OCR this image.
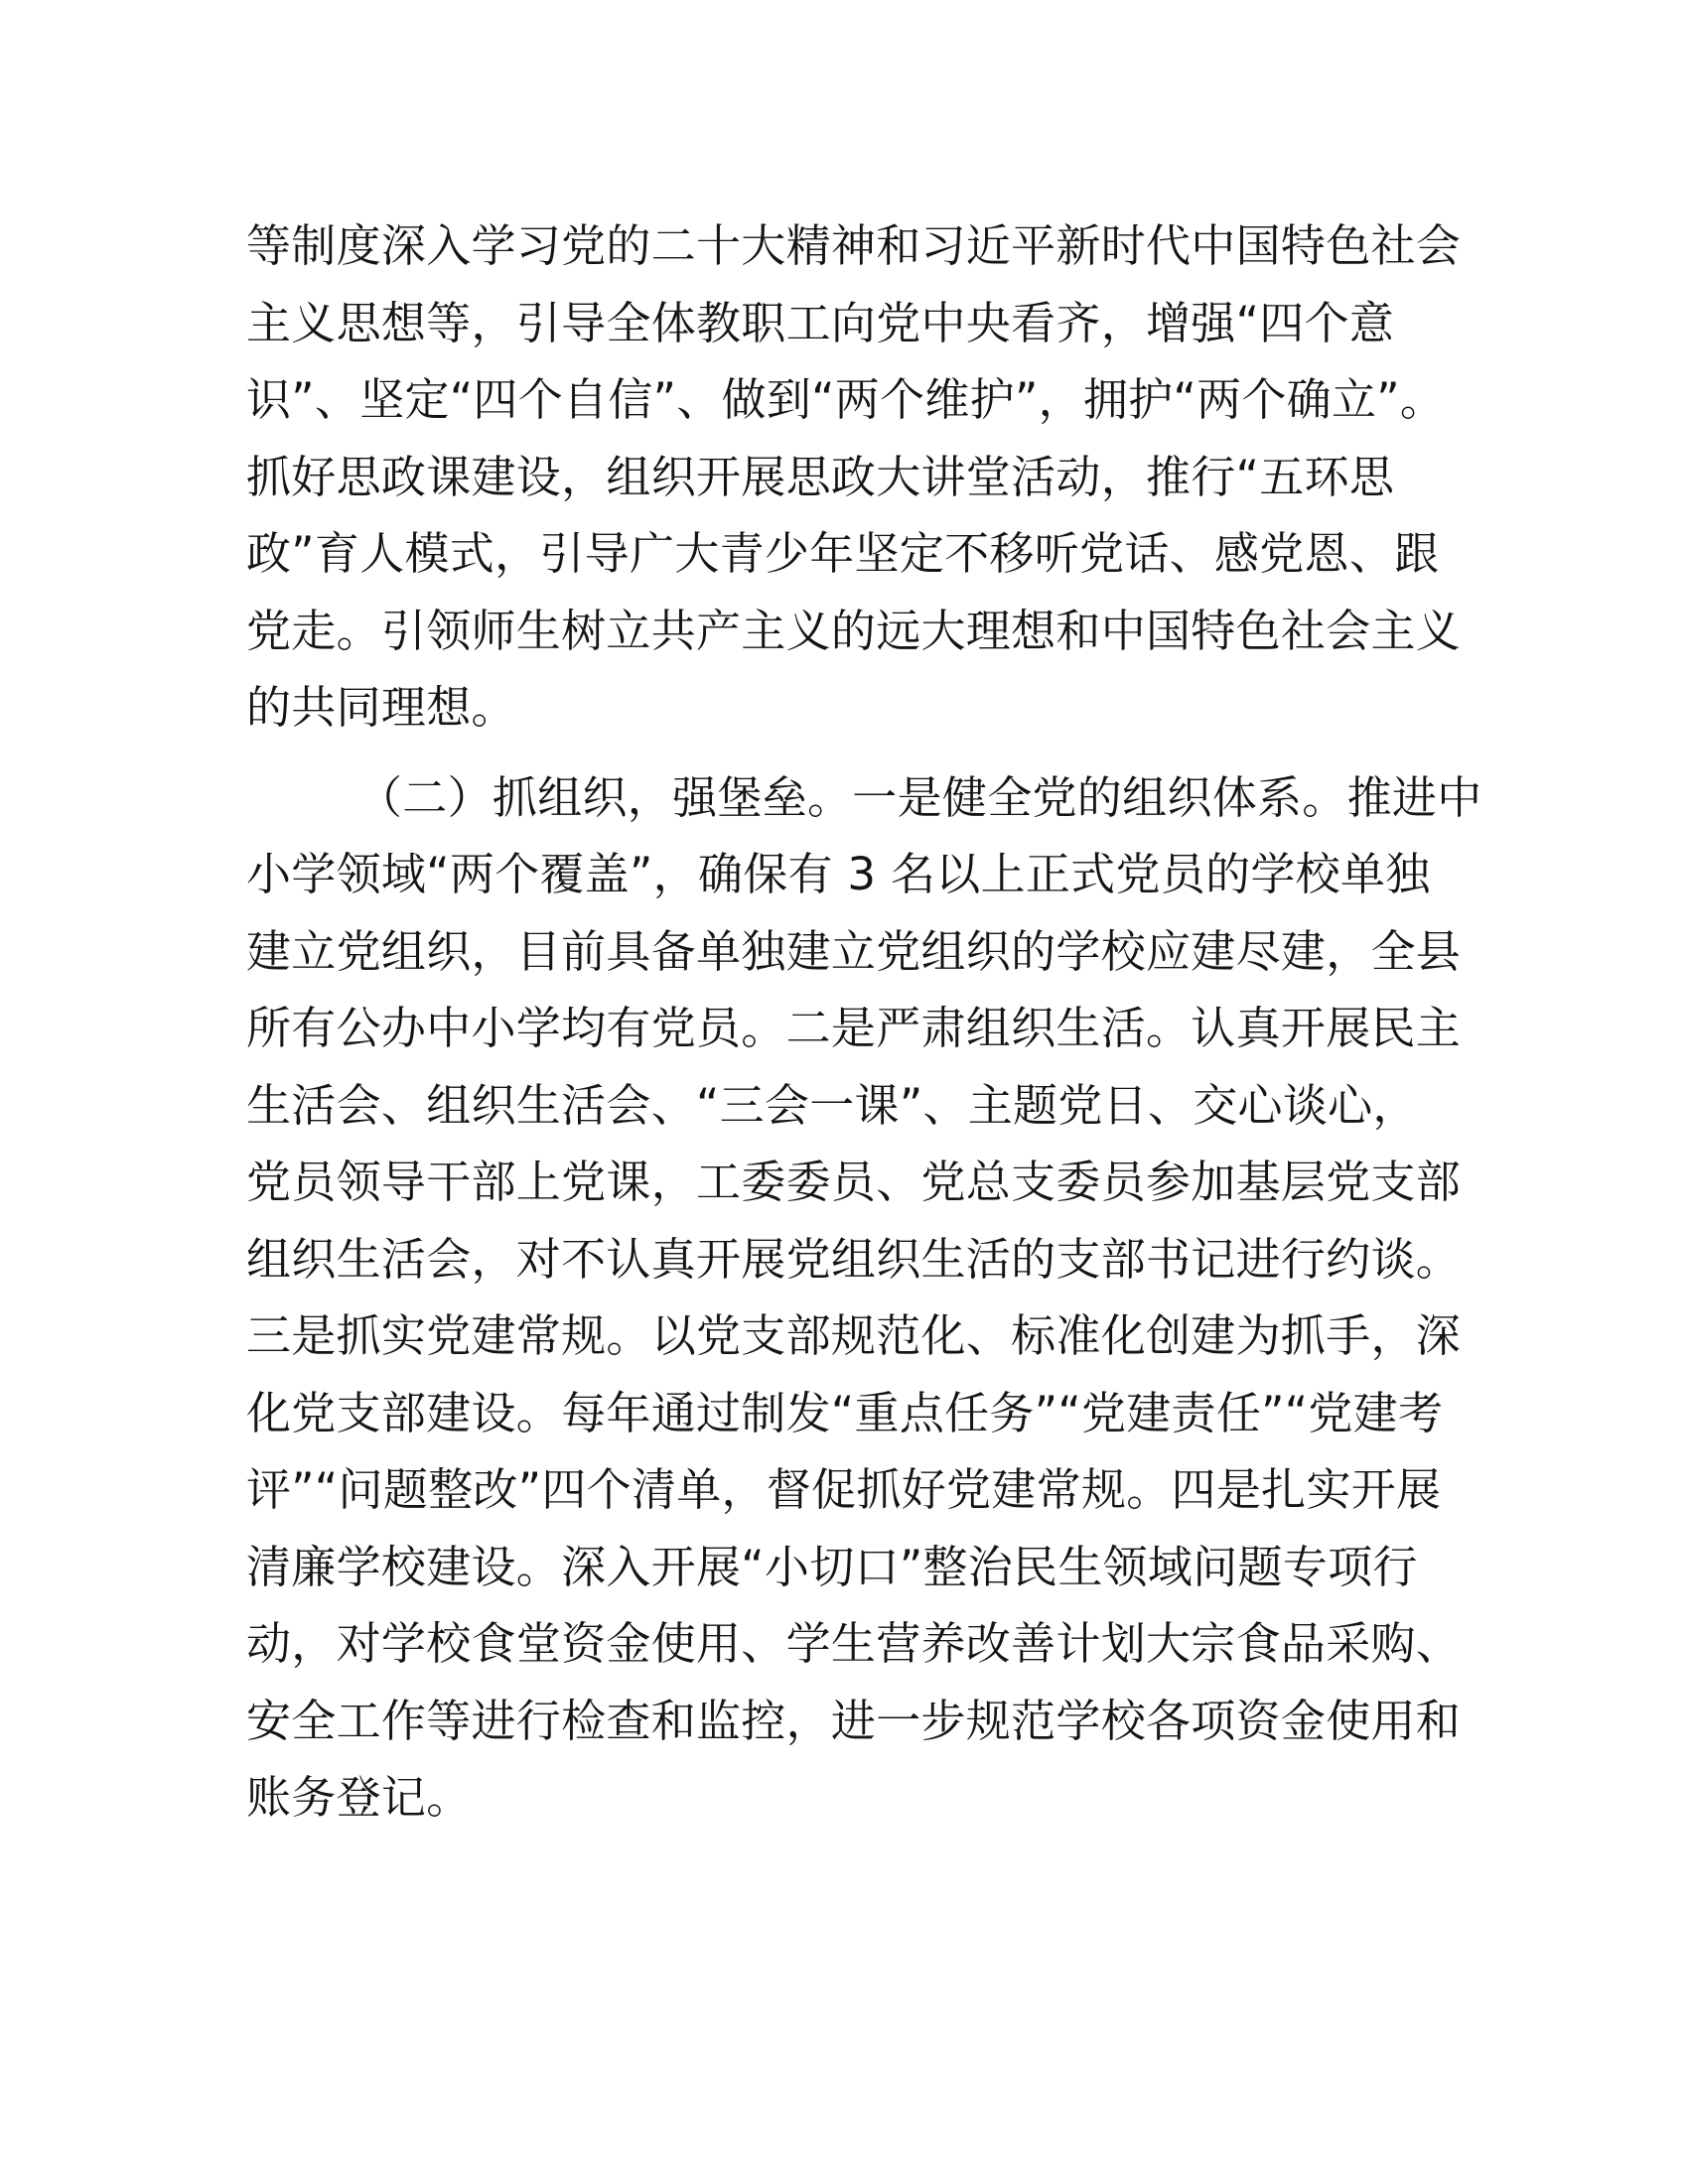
等制度深入学习党的二十大精神和习近平新时代中国特色社会
主义思想等，引导全体教职工向党中央看齐，增强“四个意
识”、坚定“四个自信”、做到“两个维护”，拥护“两个确立”。
抓好思政课建设，组织开展思政大讲堂活动，推行“五环思
政”育人模式，引导广大青少年坚定不移听党话、感党恩、跟
党走。引领师生树立共产主义的远大理想和中国特色社会主义
的共同理想。
（二）抓组织，强堡垒。一是健全党的组织体系。推进中
小学领域“两个覆盖”，确保有 3 名以上正式党员的学校单独
建立党组织，目前具备单独建立党组织的学校应建尽建，全县
所有公办中小学均有党员。二是严肃组织生活。认真开展民主
生活会、组织生活会、“三会一课”、主题党日、交心谈心，
党员领导干部上党课，工委委员、党总支委员参加基层党支部
组织生活会，对不认真开展党组织生活的支部书记进行约谈。
三是抓实党建常规。以党支部规范化、标准化创建为抓手，深
化党支部建设。每年通过制发“重点任务”“党建责任”“党建考
评”“问题整改”四个清单，督促抓好党建常规。四是扎实开展
清廉学校建设。深入开展“小切口”整治民生领域问题专项行
动，对学校食堂资金使用、学生营养改善计划大宗食品采购、
安全工作等进行检查和监控，进一步规范学校各项资金使用和
账务登记。
